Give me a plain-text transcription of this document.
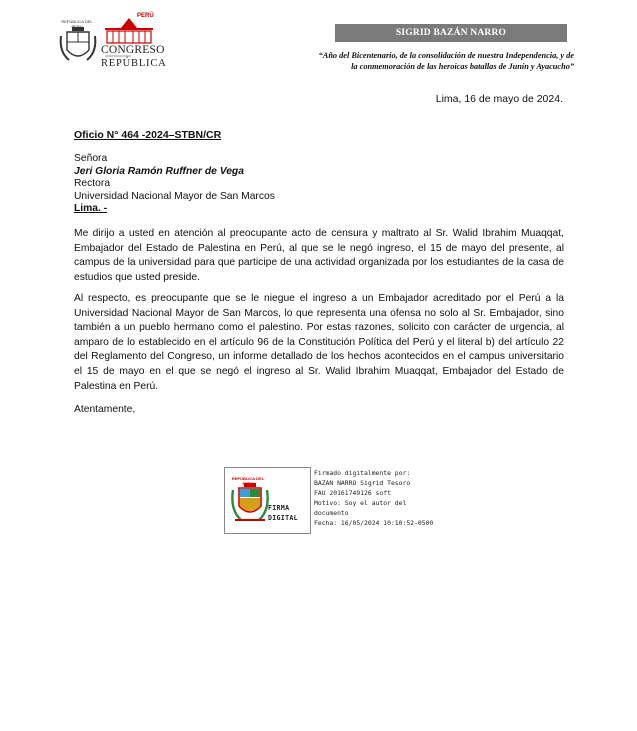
REPÚBLICA DEL PERÚ
PERÚ
CONGRESO
REPÚBLICA
SIGRID BAZÁN NARRO
“Año del Bicentenario, de la consolidación de nuestra Independencia, y de
la conmemoración de las heroicas batallas de Junín y Ayacucho”
Lima, 16 de mayo de 2024.
Oficio N° 464 -2024–STBN/CR
Señora
Jeri Gloria Ramón Ruffner de Vega
Rectora
Universidad Nacional Mayor de San Marcos
Lima. -
Me dirijo a usted en atención al preocupante acto de censura y maltrato al Sr. Walid Ibrahim Muaqqat, Embajador del Estado de Palestina en Perú, al que se le negó ingreso, el 15 de mayo del presente, al campus de la universidad para que participe de una actividad organizada por los estudiantes de la casa de estudios que usted preside.
Al respecto, es preocupante que se le niegue el ingreso a un Embajador acreditado por el Perú a la Universidad Nacional Mayor de San Marcos, lo que representa una ofensa no solo al Sr. Embajador, sino también a un pueblo hermano como el palestino. Por estas razones, solicito con carácter de urgencia, al amparo de lo establecido en el artículo 96 de la Constitución Política del Perú y el literal b) del artículo 22 del Reglamento del Congreso, un informe detallado de los hechos acontecidos en el campus universitario el 15 de mayo en el que se negó el ingreso al Sr. Walid Ibrahim Muaqqat, Embajador del Estado de Palestina en Perú.
Atentamente,
REPÚBLICA DEL PERÚ
FIRMA
DIGITAL
Firmado digitalmente por:
BAZAN NARRO Sigrid Tesoro
FAU 20161749126 soft
Motivo: Soy el autor del
documento
Fecha: 16/05/2024 10:10:52-0500
